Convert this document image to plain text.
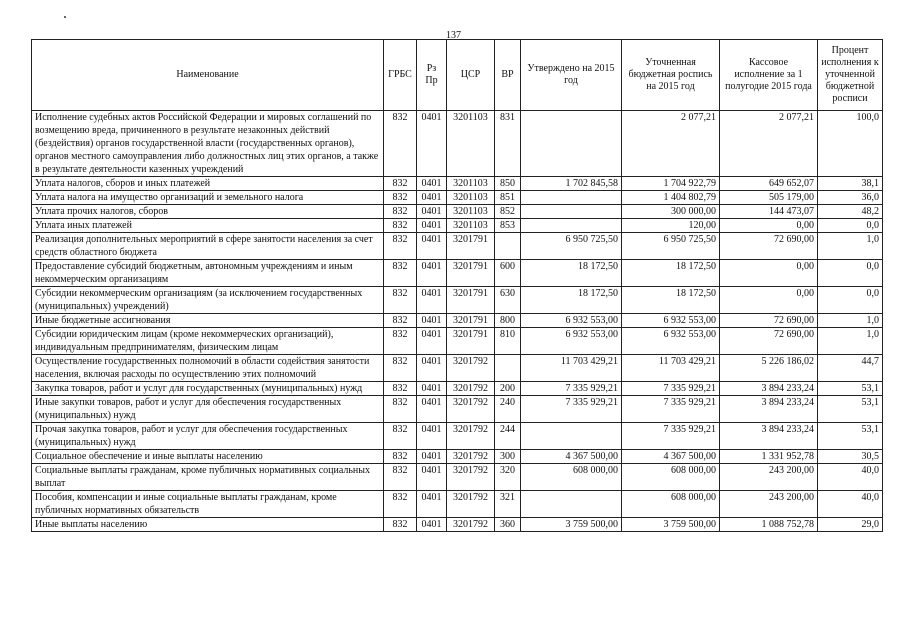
137
Наименование	ГРБС	Рз Пр	ЦСР	ВР	Утверждено на 2015 год	Уточненная бюджетная роспись на 2015 год	Кассовое исполнение за 1 полугодие 2015 года	Процент исполнения к уточненной бюджетной росписи
Исполнение судебных актов Российской Федерации и мировых соглашений по возмещению вреда, причиненного в результате незаконных действий (бездействия) органов государственной власти (государственных органов), органов местного самоуправления либо должностных лиц этих органов, а также в результате деятельности казенных учреждений	832	0401	3201103	831		2 077,21	2 077,21	100,0
Уплата налогов, сборов и иных платежей	832	0401	3201103	850	1 702 845,58	1 704 922,79	649 652,07	38,1
Уплата налога на имущество организаций и земельного налога	832	0401	3201103	851		1 404 802,79	505 179,00	36,0
Уплата прочих налогов, сборов	832	0401	3201103	852		300 000,00	144 473,07	48,2
Уплата иных платежей	832	0401	3201103	853		120,00	0,00	0,0
Реализация дополнительных мероприятий в сфере занятости населения за счет средств областного бюджета	832	0401	3201791		6 950 725,50	6 950 725,50	72 690,00	1,0
Предоставление субсидий бюджетным, автономным учреждениям и иным некоммерческим организациям	832	0401	3201791	600	18 172,50	18 172,50	0,00	0,0
Субсидии некоммерческим организациям (за исключением государственных (муниципальных) учреждений)	832	0401	3201791	630	18 172,50	18 172,50	0,00	0,0
Иные бюджетные ассигнования	832	0401	3201791	800	6 932 553,00	6 932 553,00	72 690,00	1,0
Субсидии юридическим лицам (кроме некоммерческих организаций), индивидуальным предпринимателям, физическим лицам	832	0401	3201791	810	6 932 553,00	6 932 553,00	72 690,00	1,0
Осуществление государственных полномочий в области содействия занятости населения, включая расходы по осуществлению этих полномочий	832	0401	3201792		11 703 429,21	11 703 429,21	5 226 186,02	44,7
Закупка товаров, работ и услуг для государственных (муниципальных) нужд	832	0401	3201792	200	7 335 929,21	7 335 929,21	3 894 233,24	53,1
Иные закупки товаров, работ и услуг для обеспечения государственных (муниципальных) нужд	832	0401	3201792	240	7 335 929,21	7 335 929,21	3 894 233,24	53,1
Прочая закупка товаров, работ и услуг для обеспечения государственных (муниципальных) нужд	832	0401	3201792	244		7 335 929,21	3 894 233,24	53,1
Социальное обеспечение и иные выплаты населению	832	0401	3201792	300	4 367 500,00	4 367 500,00	1 331 952,78	30,5
Социальные выплаты гражданам, кроме публичных нормативных социальных выплат	832	0401	3201792	320	608 000,00	608 000,00	243 200,00	40,0
Пособия, компенсации и иные социальные выплаты гражданам, кроме публичных нормативных обязательств	832	0401	3201792	321		608 000,00	243 200,00	40,0
Иные выплаты населению	832	0401	3201792	360	3 759 500,00	3 759 500,00	1 088 752,78	29,0
